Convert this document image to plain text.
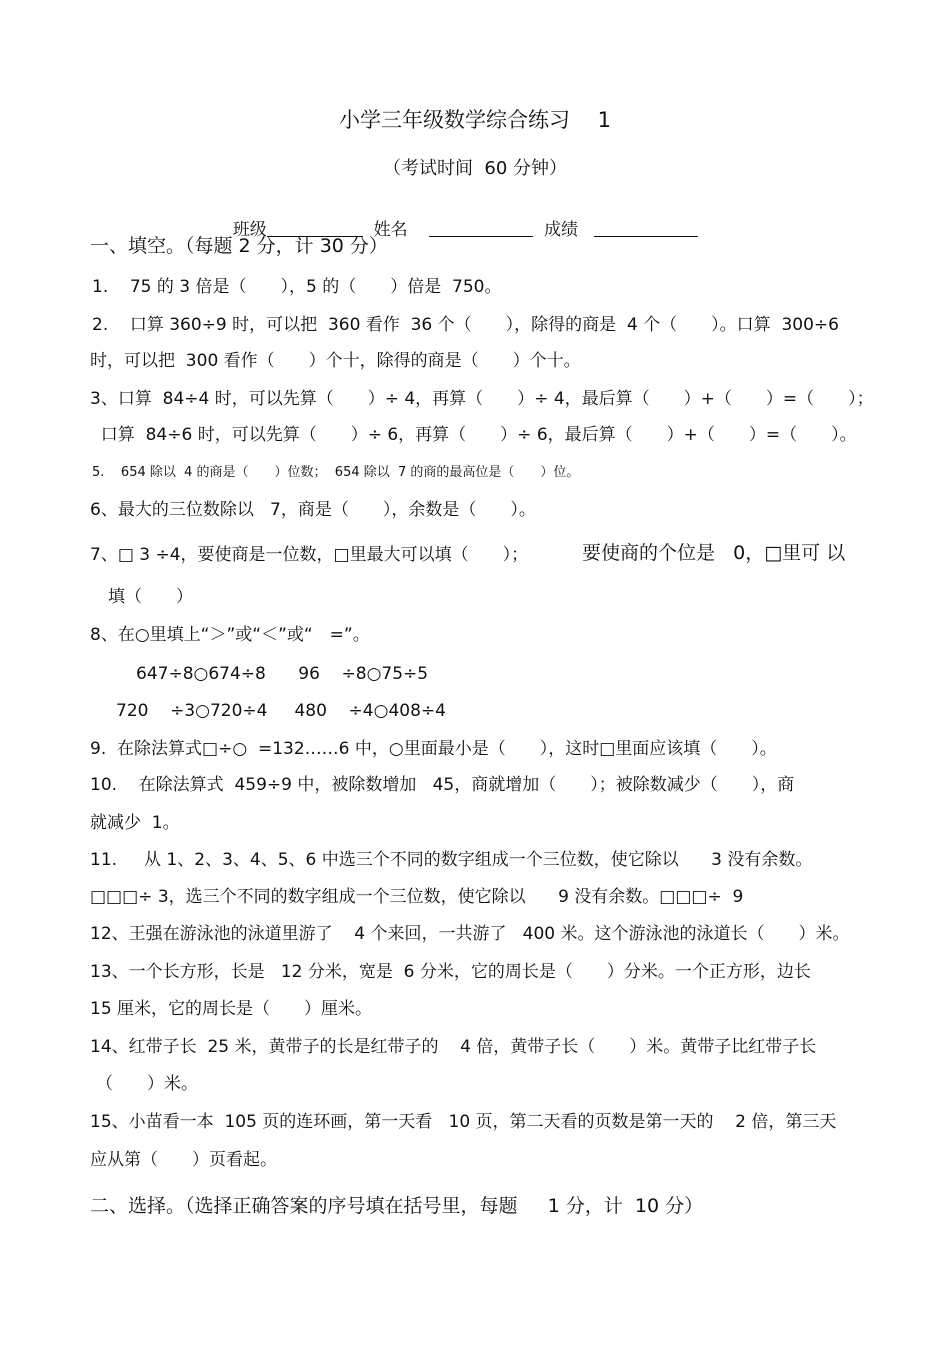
小学三年级数学综合练习　 1
（考试时间  60 分钟）

班级	姓名	成绩

一、填空。（每题 2 分，计 30 分）
1.    75 的 3 倍是（　　），5 的（　　）倍是  750。
2.    口算 360÷9 时，可以把  360 看作  36 个（　　），除得的商是  4 个（　　）。口算  300÷6
时，可以把  300 看作（　　）个十，除得的商是（　　）个十。
3、口算  84÷4 时，可以先算（　　）÷ 4，再算（　　）÷ 4，最后算（　　）+（　　）=（　　）；
口算  84÷6 时，可以先算（　　）÷ 6，再算（　　）÷ 6，最后算（　　）+（　　）=（　　）。
5.    654 除以  4 的商是（　　）位数；  654 除以  7 的商的最高位是（　　）位。
6、最大的三位数除以   7，商是（　　），余数是（　　）。
7、□ 3 ÷4，要使商是一位数，□里最大可以填（　　）；	要使商的个位是   0，□里可 以
填（　　）
8、在○里填上“＞”或“＜”或“　=”。
647÷8○674÷8      96    ÷8○75÷5
720    ÷3○720÷4     480    ÷4○408÷4
9.  在除法算式□÷○  =132……6 中，○里面最小是（　　），这时□里面应该填（　　）。
10.    在除法算式  459÷9 中，被除数增加   45，商就增加（　　）；被除数减少（　　），商
就减少  1。
11.     从 1、2、3、4、5、6 中选三个不同的数字组成一个三位数，使它除以      3 没有余数。
□□□÷ 3，选三个不同的数字组成一个三位数，使它除以      9 没有余数。□□□÷  9
12、王强在游泳池的泳道里游了    4 个来回，一共游了   400 米。这个游泳池的泳道长（　　）米。
13、一个长方形，长是   12 分米，宽是  6 分米，它的周长是（　　）分米。一个正方形，边长
15 厘米，它的周长是（　　）厘米。
14、红带子长  25 米，黄带子的长是红带子的    4 倍，黄带子长（　　）米。黄带子比红带子长
（　　）米。
15、小苗看一本  105 页的连环画，第一天看   10 页，第二天看的页数是第一天的    2 倍，第三天
应从第（　　）页看起。
二、选择。（选择正确答案的序号填在括号里，每题     1 分，计  10 分）
